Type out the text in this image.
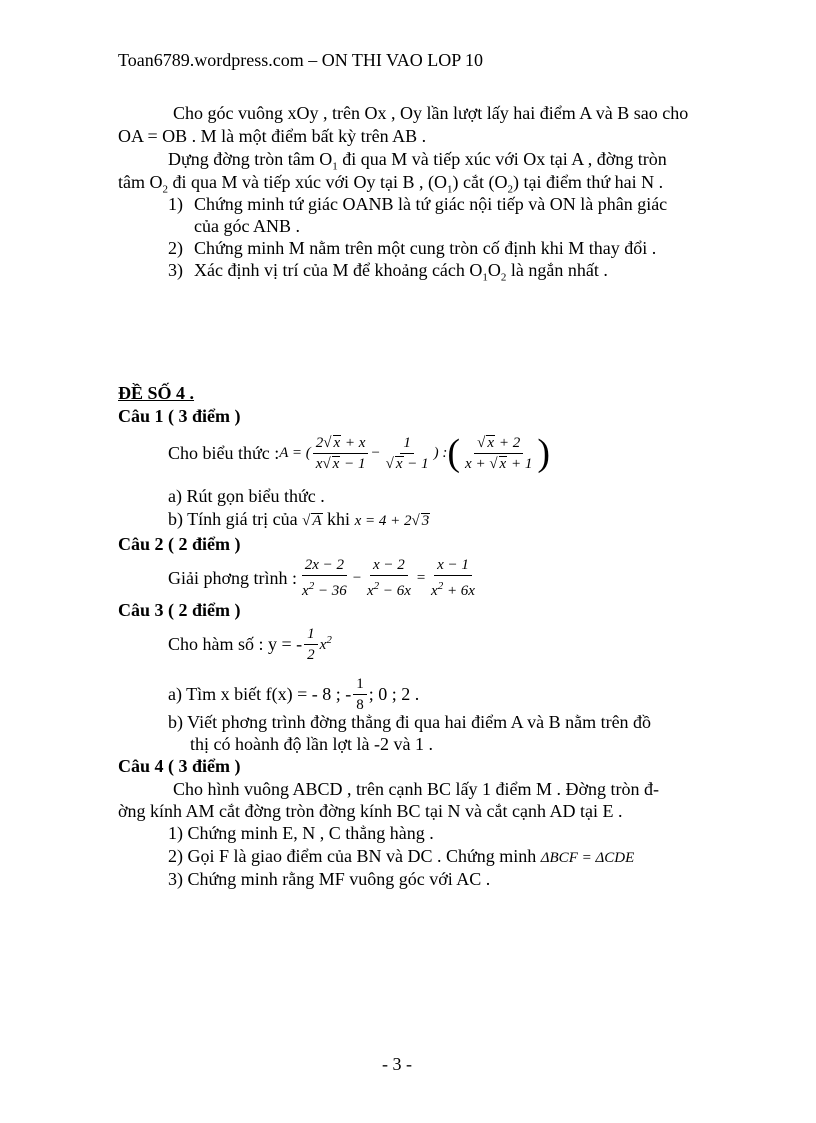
Toan6789.wordpress.com – ON THI VAO LOP 10
Cho góc vuông xOy , trên Ox , Oy lần lượt lấy hai điểm A và B sao cho
OA = OB . M là một điểm bất kỳ trên AB .
Dựng đờng tròn tâm $O_1$ đi qua M và tiếp xúc với Ox tại A , đờng tròn
tâm $O_2$ đi qua M và tiếp xúc với Oy tại B , $(O_1)$ cắt $(O_2)$ tại điểm thứ hai N .
1) Chứng minh tứ giác OANB là tứ giác nội tiếp và ON là phân giác
của góc ANB .
2) Chứng minh M nằm trên một cung tròn cố định khi M thay đổi .
3) Xác định vị trí của M để khoảng cách $O_1O_2$ là ngắn nhất .
ĐỀ SỐ 4 .
Câu 1 ( 3 điểm )
Cho biểu thức : A = ( $\frac{2√ x + x}{x√ x - 1} - \frac{1}{√ x - 1}$ ) : ( $\frac{√ x + 2}{x + √ x + 1}$ )
a) Rút gọn biểu thức .
b) Tính giá trị của √ A khi x = 4 + 2√ 3
Câu 2 ( 2 điểm )
Giải phơng trình : $\frac{2x - 2}{x^2 - 36} - \frac{x - 2}{x^2 - 6x} = \frac{x - 1}{x^2 + 6x}$
Câu 3 ( 2 điểm )
Cho hàm số : y = - $\frac{1}{2} x^2$
a) Tìm x biết f(x) = - 8 ; - $\frac{1}{8}$ ; 0 ; 2 .
b) Viết phơng trình đờng thẳng đi qua hai điểm A và B nằm trên đồ
thị có hoành độ lần lợt là -2 và 1 .
Câu 4 ( 3 điểm )
Cho hình vuông ABCD , trên cạnh BC lấy 1 điểm M . Đờng tròn đ-
ờng kính AM cắt đờng tròn đờng kính BC tại N và cắt cạnh AD tại E .
1) Chứng minh E, N , C thẳng hàng .
2) Gọi F là giao điểm của BN và DC . Chứng minh ΔBCF = ΔCDE
3) Chứng minh rằng MF vuông góc với AC .
- 3 -
